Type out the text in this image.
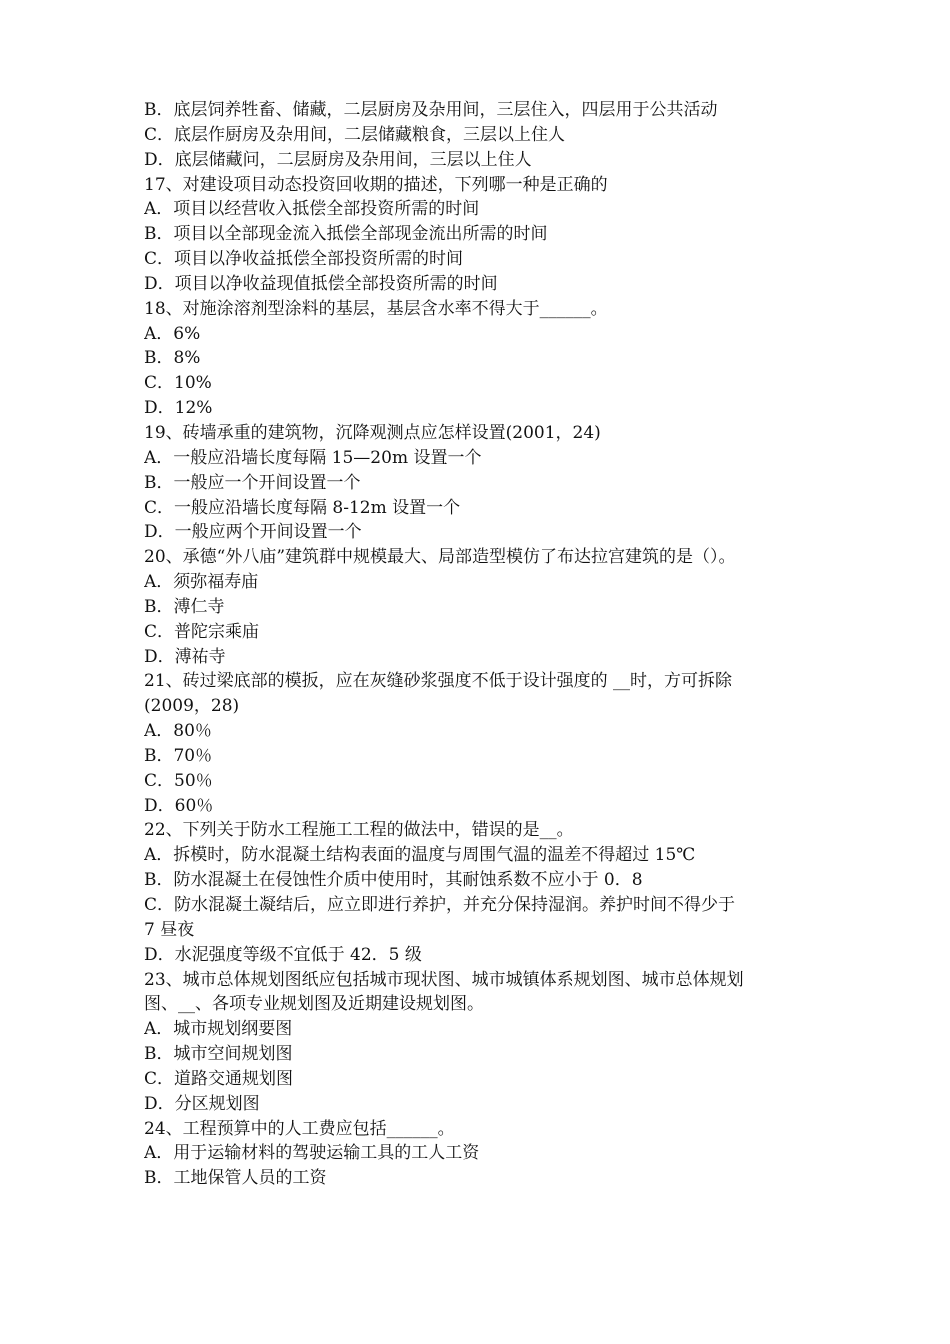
B．底层饲养牲畜、储藏，二层厨房及杂用间，三层住入，四层用于公共活动
C．底层作厨房及杂用间，二层储藏粮食，三层以上住人
D．底层储藏问，二层厨房及杂用间，三层以上住人
17、对建设项目动态投资回收期的描述，下列哪一种是正确的
A．项目以经营收入抵偿全部投资所需的时间
B．项目以全部现金流入抵偿全部现金流出所需的时间
C．项目以净收益抵偿全部投资所需的时间
D．项目以净收益现值抵偿全部投资所需的时间
18、对施涂溶剂型涂料的基层，基层含水率不得大于______。
A．6%
B．8%
C．10%
D．12%
19、砖墙承重的建筑物，沉降观测点应怎样设置(2001，24)
A．一般应沿墙长度每隔 15—20m 设置一个
B．一般应一个开间设置一个
C．一般应沿墙长度每隔 8-12m 设置一个
D．一般应两个开间设置一个
20、承德“外八庙”建筑群中规模最大、局部造型模仿了布达拉宫建筑的是（）。
A．须弥福寿庙
B．溥仁寺
C．普陀宗乘庙
D．溥祐寺
21、砖过梁底部的模扳，应在灰缝砂浆强度不低于设计强度的 __时，方可拆除
(2009，28)
A．80％
B．70％
C．50％
D．60％
22、下列关于防水工程施工工程的做法中，错误的是__。
A．拆模时，防水混凝土结构表面的温度与周围气温的温差不得超过 15℃
B．防水混凝土在侵蚀性介质中使用时，其耐蚀系数不应小于 0．8
C．防水混凝土凝结后，应立即进行养护，并充分保持湿润。养护时间不得少于
7 昼夜
D．水泥强度等级不宜低于 42．5 级
23、城市总体规划图纸应包括城市现状图、城市城镇体系规划图、城市总体规划
图、__、各项专业规划图及近期建设规划图。
A．城市规划纲要图
B．城市空间规划图
C．道路交通规划图
D．分区规划图
24、工程预算中的人工费应包括______。
A．用于运输材料的驾驶运输工具的工人工资
B．工地保管人员的工资
